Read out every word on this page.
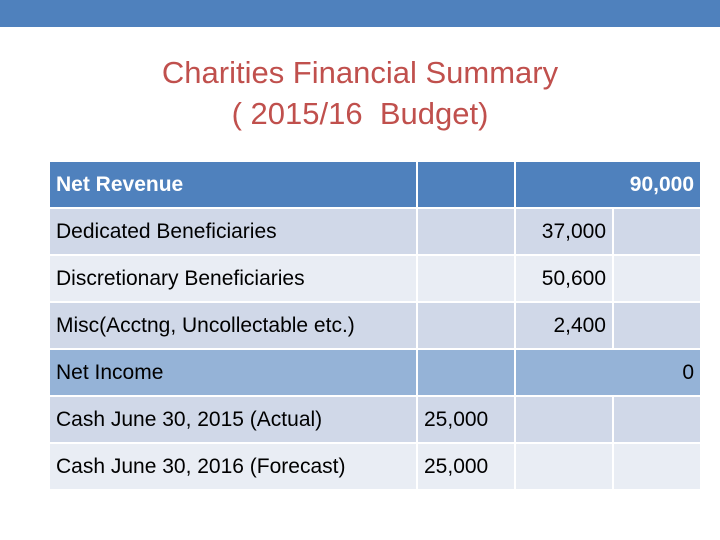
Charities Financial Summary
( 2015/16  Budget)
Net Revenue		90,000	
Dedicated Beneficiaries		37,000	
Discretionary Beneficiaries		50,600	
Misc(Acctng, Uncollectable etc.)		2,400	
Net Income		0	
Cash June 30, 2015 (Actual)	25,000		
Cash June 30, 2016 (Forecast)	25,000		
